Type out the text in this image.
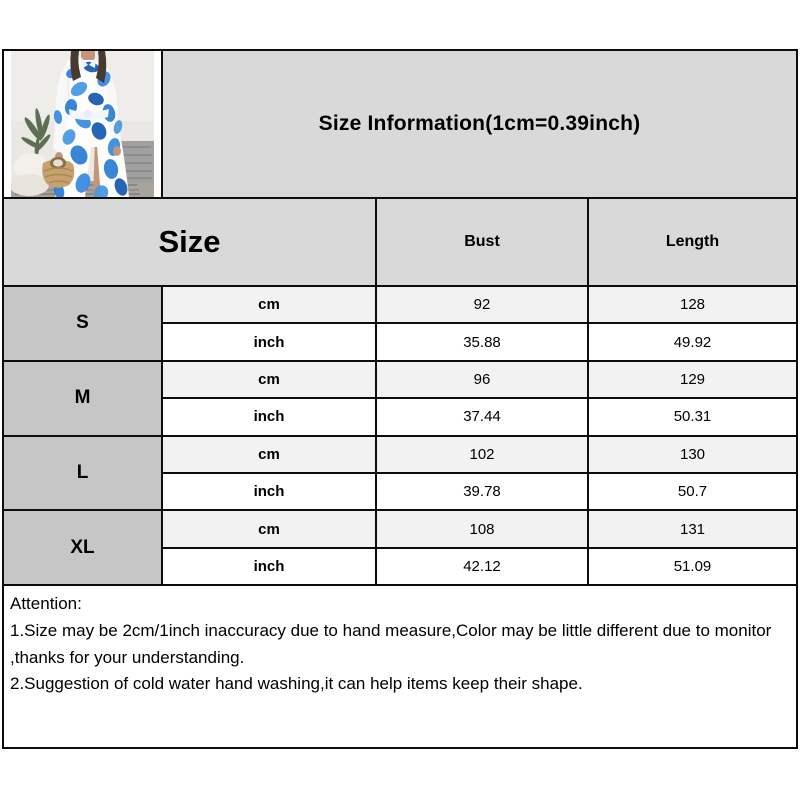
Size Information(1cm=0.39inch)
Size	Bust	Length
S
cm	92	128
inch	35.88	49.92
M
cm	96	129
inch	37.44	50.31
L
cm	102	130
inch	39.78	50.7
XL
cm	108	131
inch	42.12	51.09
Attention:
1.Size may be 2cm/1inch inaccuracy due to hand measure,Color may be little different due to monitor ,thanks for your understanding.
2.Suggestion of cold water hand washing,it can help items keep their shape.
